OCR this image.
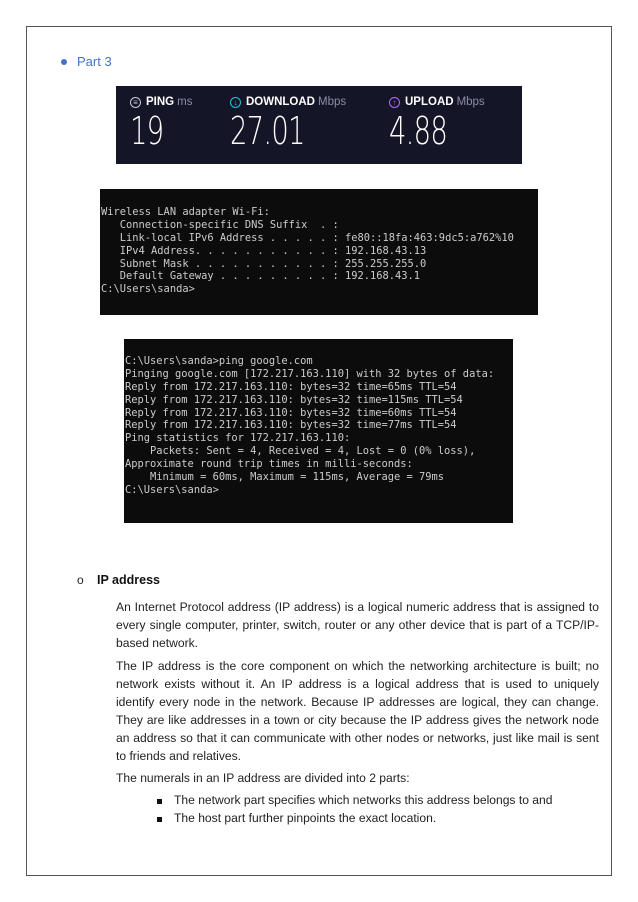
Part 3
≡ PING ms
19
↓ DOWNLOAD Mbps
27.01
↑ UPLOAD Mbps
4.88

Wireless LAN adapter Wi-Fi:
Connection-specific DNS Suffix  . :
Link-local IPv6 Address . . . . . : fe80::18fa:463:9dc5:a762%10
IPv4 Address. . . . . . . . . . . : 192.168.43.13
Subnet Mask . . . . . . . . . . . : 255.255.255.0
Default Gateway . . . . . . . . . : 192.168.43.1
C:\Users\sanda>

C:\Users\sanda>ping google.com
Pinging google.com [172.217.163.110] with 32 bytes of data:
Reply from 172.217.163.110: bytes=32 time=65ms TTL=54
Reply from 172.217.163.110: bytes=32 time=115ms TTL=54
Reply from 172.217.163.110: bytes=32 time=60ms TTL=54
Reply from 172.217.163.110: bytes=32 time=77ms TTL=54
Ping statistics for 172.217.163.110:
Packets: Sent = 4, Received = 4, Lost = 0 (0% loss),
Approximate round trip times in milli-seconds:
Minimum = 60ms, Maximum = 115ms, Average = 79ms
C:\Users\sanda>

o IP address
An Internet Protocol address (IP address) is a logical numeric address that is assigned to every single computer, printer, switch, router or any other device that is part of a TCP/IP-based network.
The IP address is the core component on which the networking architecture is built; no network exists without it. An IP address is a logical address that is used to uniquely identify every node in the network. Because IP addresses are logical, they can change. They are like addresses in a town or city because the IP address gives the network node an address so that it can communicate with other nodes or networks, just like mail is sent to friends and relatives.
The numerals in an IP address are divided into 2 parts:
The network part specifies which networks this address belongs to and
The host part further pinpoints the exact location.
